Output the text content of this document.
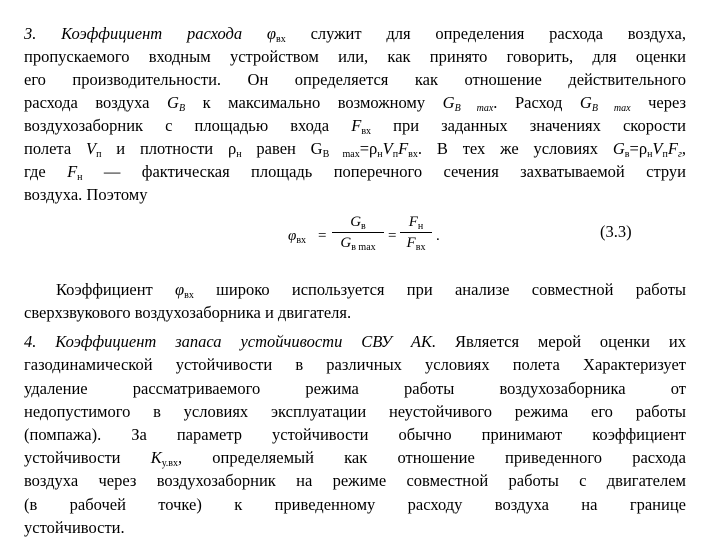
3. Коэффициент расхода $\varphi_{вх}$ служит для определения расхода воздуха,
пропускаемого входным устройством или, как принято говорить, для оценки
его производительности. Он определяется как отношение действительного
расхода воздуха GB к максимально возможному GB max. Расход GB max через
воздухозаборник с площадью входа $F_{вх}$ при заданных значениях скорости
полета $V_п$ и плотности $\rho_н$ равен $G_{B max}=\rho_нV_пF_{вх}$. В тех же условиях $G_в=\rho_нV_пFг$,
где $F_н$ — фактическая площадь поперечного сечения захватываемой струи
воздуха. Поэтому
$\varphi_{вх}$ =
$G_в$
$G_{в max}$
=
$F_н$
$F_{вх}$
.	(3.3)
Коэффициент $\varphi_{вх}$ широко используется при анализе совместной работы
сверхзвукового воздухозаборника и двигателя.
4. Коэффициент запаса устойчивости СВУ АК. Является мерой оценки их
газодинамической устойчивости в различных условиях полета Характеризует
удаление рассматриваемого режима работы воздухозаборника от
недопустимого в условиях эксплуатации неустойчивого режима его работы
(помпажа). За параметр устойчивости обычно принимают коэффициент
устойчивости $K_{у.вх}$, определяемый как отношение приведенного расхода
воздуха через воздухозаборник на режиме совместной работы с двигателем
(в рабочей точке) к приведенному расходу воздуха на границе
устойчивости.
